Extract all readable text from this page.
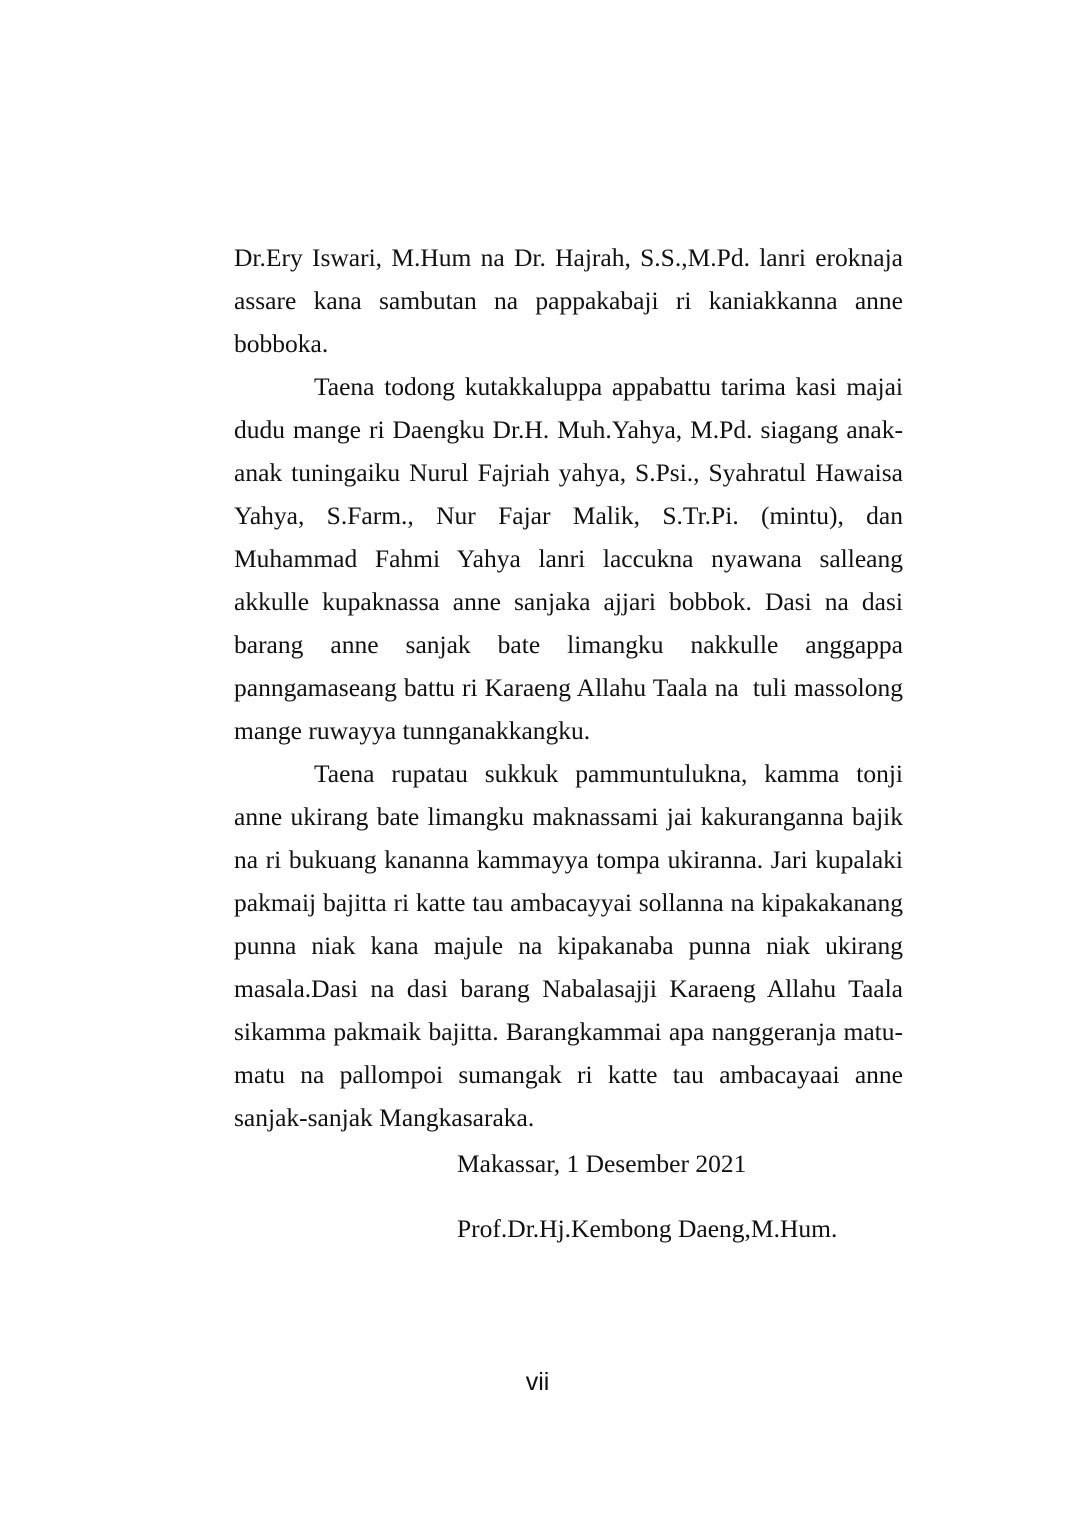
Dr.Ery Iswari, M.Hum na Dr. Hajrah, S.S.,M.Pd. lanri eroknaja assare kana sambutan na pappakabaji ri kaniakkanna anne bobboka.

Taena todong kutakkaluppa appabattu tarima kasi majai dudu mange ri Daengku Dr.H. Muh.Yahya, M.Pd. siagang anak-anak tuningaiku Nurul Fajriah yahya, S.Psi., Syahratul Hawaisa Yahya, S.Farm., Nur Fajar Malik, S.Tr.Pi. (mintu), dan Muhammad Fahmi Yahya lanri laccukna nyawana salleang akkulle kupaknassa anne sanjaka ajjari bobbok. Dasi na dasi barang anne sanjak bate limangku nakkulle anggappa panngamaseang battu ri Karaeng Allahu Taala na  tuli massolong mange ruwayya tunnganakkangku.

Taena rupatau sukkuk pammuntulukna, kamma tonji anne ukirang bate limangku maknassami jai kakuranganna bajik na ri bukuang kananna kammayya tompa ukiranna. Jari kupalaki pakmaij bajitta ri katte tau ambacayyai sollanna na kipakakanang punna niak kana majule na kipakanaba punna niak ukirang masala.Dasi na dasi barang Nabalasajji Karaeng Allahu Taala sikamma pakmaik bajitta. Barangkammai apa nanggeranja matu-matu na pallompoi sumangak ri katte tau ambacayaai anne sanjak-sanjak Mangkasaraka.

Makassar, 1 Desember 2021
Prof.Dr.Hj.Kembong Daeng,M.Hum.
vii
